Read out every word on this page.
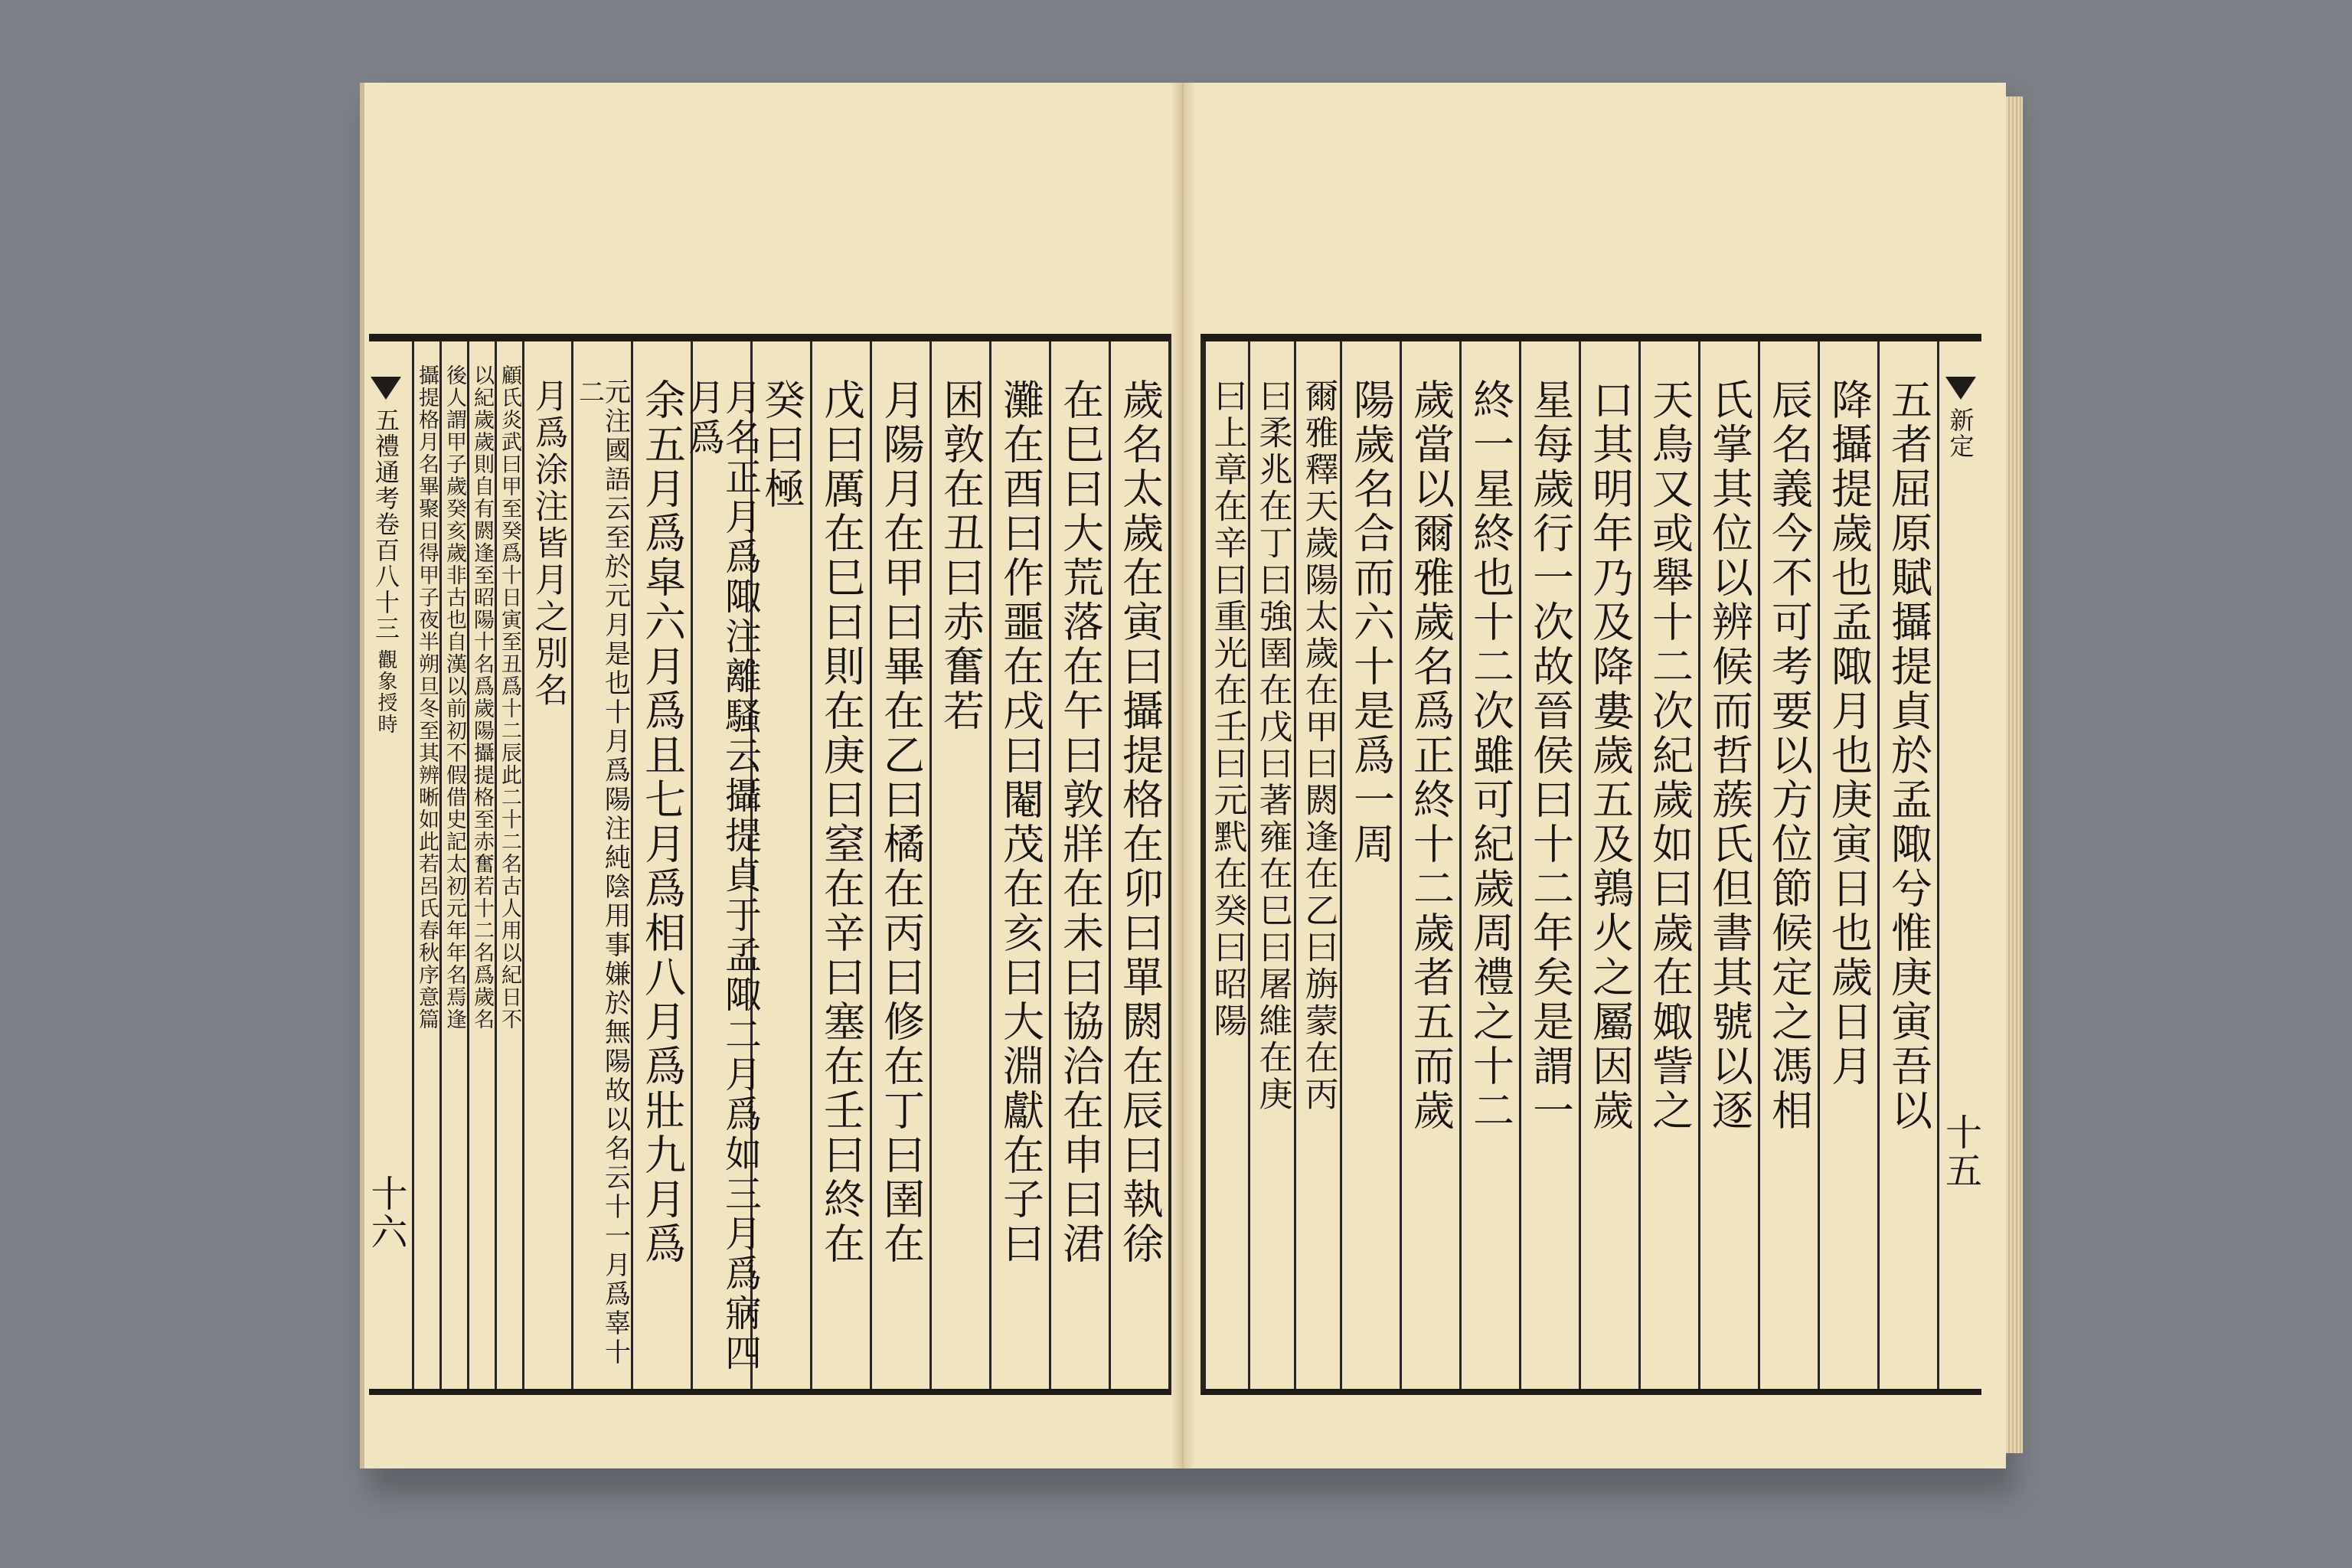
五禮通考卷百八十三
觀象授時
十六	歲名太歲在寅曰攝提格在卯曰單閼在辰曰執徐
在巳曰大荒落在午曰敦牂在未曰協洽在申曰涒
灘在酉曰作噩在戌曰閹茂在亥曰大淵獻在子曰
困敦在丑曰赤奮若
月陽月在甲曰畢在乙曰橘在丙曰修在丁曰圉在
戊曰厲在巳曰則在庚曰窒在辛曰塞在壬曰終在
癸曰極
月名正月爲陬注離騷云攝提貞于孟陬二月爲如三月爲寎四月爲
余五月爲皐六月爲且七月爲相八月爲壯九月爲
元注國語云至於元月是也十月爲陽注純陰用事嫌於無陽故以名云十一月爲辜十二
月爲涂注皆月之別名
顧氏炎武曰甲至癸爲十日寅至丑爲十二辰此二十二名古人用以紀日不
以紀歲歲則自有閼逢至昭陽十名爲歲陽攝提格至赤奮若十二名爲歲名
後人謂甲子歲癸亥歲非古也自漢以前初不假借史記太初元年年名焉逢
攝提格月名畢聚日得甲子夜半朔旦冬至其辨晰如此若呂氏春秋序意篇	五者屈原賦攝提貞於孟陬兮惟庚寅吾以
降攝提歲也孟陬月也庚寅日也歲日月
辰名義今不可考要以方位節候定之馮相
氏掌其位以辨候而哲蔟氏但書其號以逐
天鳥又或舉十二次紀歲如曰歲在娵訾之
口其明年乃及降婁歲五及鶉火之屬因歲
星每歲行一次故晉侯曰十二年矣是謂一
終一星終也十二次雖可紀歲周禮之十二
歲當以爾雅歲名爲正終十二歲者五而歲
陽歲名合而六十是爲一周
爾雅釋天歲陽太歲在甲曰閼逢在乙曰旃蒙在丙
曰柔兆在丁曰強圉在戊曰著雍在巳曰屠維在庚
曰上章在辛曰重光在壬曰元黓在癸曰昭陽	新定
十五
